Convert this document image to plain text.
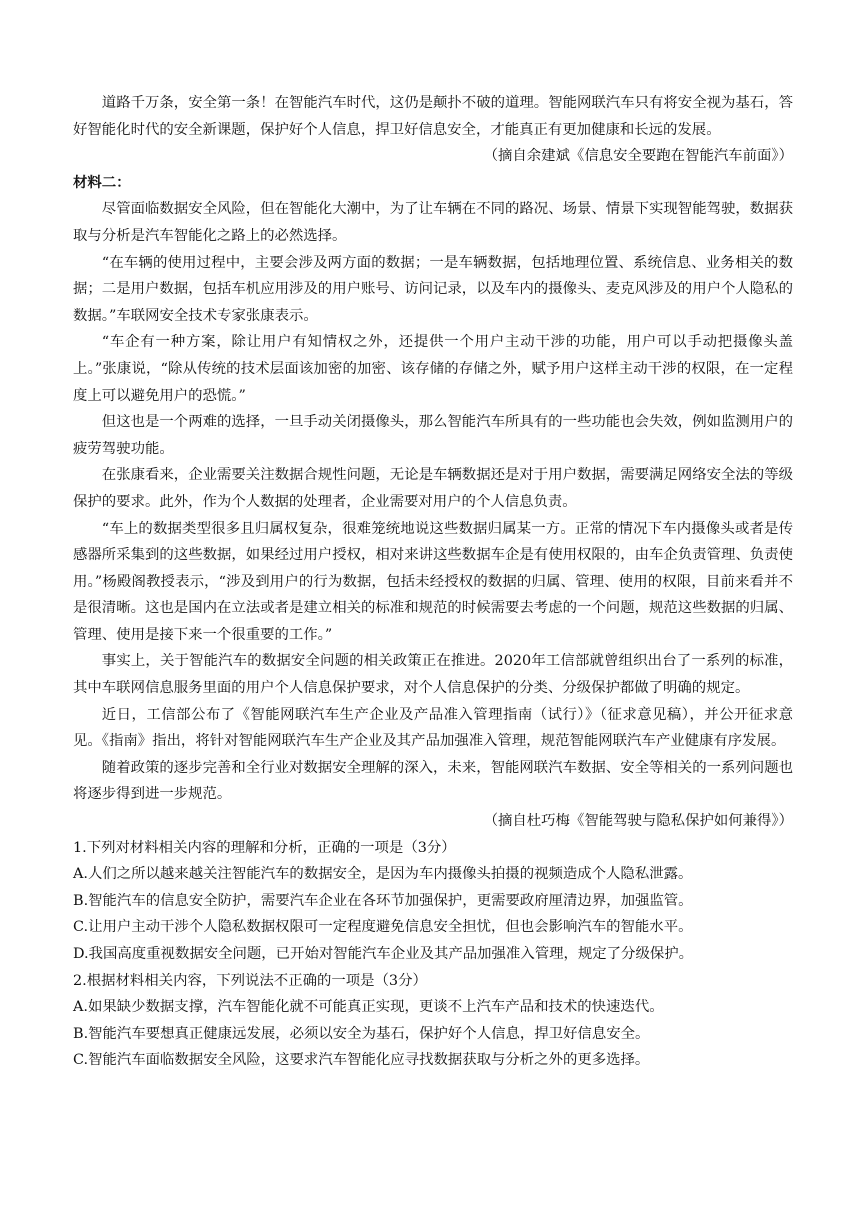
道路千万条，安全第一条！在智能汽车时代，这仍是颠扑不破的道理。智能网联汽车只有将安全视为基石，答好智能化时代的安全新课题，保护好个人信息，捍卫好信息安全，才能真正有更加健康和长远的发展。

（摘自余建斌《信息安全要跑在智能汽车前面》）

材料二：

尽管面临数据安全风险，但在智能化大潮中，为了让车辆在不同的路况、场景、情景下实现智能驾驶，数据获取与分析是汽车智能化之路上的必然选择。

“在车辆的使用过程中，主要会涉及两方面的数据；一是车辆数据，包括地理位置、系统信息、业务相关的数据；二是用户数据，包括车机应用涉及的用户账号、访问记录，以及车内的摄像头、麦克风涉及的用户个人隐私的数据。”车联网安全技术专家张康表示。

“车企有一种方案，除让用户有知情权之外，还提供一个用户主动干涉的功能，用户可以手动把摄像头盖上。”张康说，“除从传统的技术层面该加密的加密、该存储的存储之外，赋予用户这样主动干涉的权限，在一定程度上可以避免用户的恐慌。”

但这也是一个两难的选择，一旦手动关闭摄像头，那么智能汽车所具有的一些功能也会失效，例如监测用户的疲劳驾驶功能。

在张康看来，企业需要关注数据合规性问题，无论是车辆数据还是对于用户数据，需要满足网络安全法的等级保护的要求。此外，作为个人数据的处理者，企业需要对用户的个人信息负责。

“车上的数据类型很多且归属权复杂，很难笼统地说这些数据归属某一方。正常的情况下车内摄像头或者是传感器所采集到的这些数据，如果经过用户授权，相对来讲这些数据车企是有使用权限的，由车企负责管理、负责使用。”杨殿阁教授表示，“涉及到用户的行为数据，包括未经授权的数据的归属、管理、使用的权限，目前来看并不是很清晰。这也是国内在立法或者是建立相关的标准和规范的时候需要去考虑的一个问题，规范这些数据的归属、管理、使用是接下来一个很重要的工作。”

事实上，关于智能汽车的数据安全问题的相关政策正在推进。2020年工信部就曾组织出台了一系列的标准，其中车联网信息服务里面的用户个人信息保护要求，对个人信息保护的分类、分级保护都做了明确的规定。

近日，工信部公布了《智能网联汽车生产企业及产品准入管理指南（试行）》（征求意见稿），并公开征求意见。《指南》指出，将针对智能网联汽车生产企业及其产品加强准入管理，规范智能网联汽车产业健康有序发展。

随着政策的逐步完善和全行业对数据安全理解的深入，未来，智能网联汽车数据、安全等相关的一系列问题也将逐步得到进一步规范。

（摘自杜巧梅《智能驾驶与隐私保护如何兼得》）

1.下列对材料相关内容的理解和分析，正确的一项是（3分）

A.人们之所以越来越关注智能汽车的数据安全，是因为车内摄像头拍摄的视频造成个人隐私泄露。

B.智能汽车的信息安全防护，需要汽车企业在各环节加强保护，更需要政府厘清边界，加强监管。

C.让用户主动干涉个人隐私数据权限可一定程度避免信息安全担忧，但也会影响汽车的智能水平。

D.我国高度重视数据安全问题，已开始对智能汽车企业及其产品加强准入管理，规定了分级保护。

2.根据材料相关内容，下列说法不正确的一项是（3分）

A.如果缺少数据支撑，汽车智能化就不可能真正实现，更谈不上汽车产品和技术的快速迭代。

B.智能汽车要想真正健康远发展，必须以安全为基石，保护好个人信息，捍卫好信息安全。

C.智能汽车面临数据安全风险，这要求汽车智能化应寻找数据获取与分析之外的更多选择。
